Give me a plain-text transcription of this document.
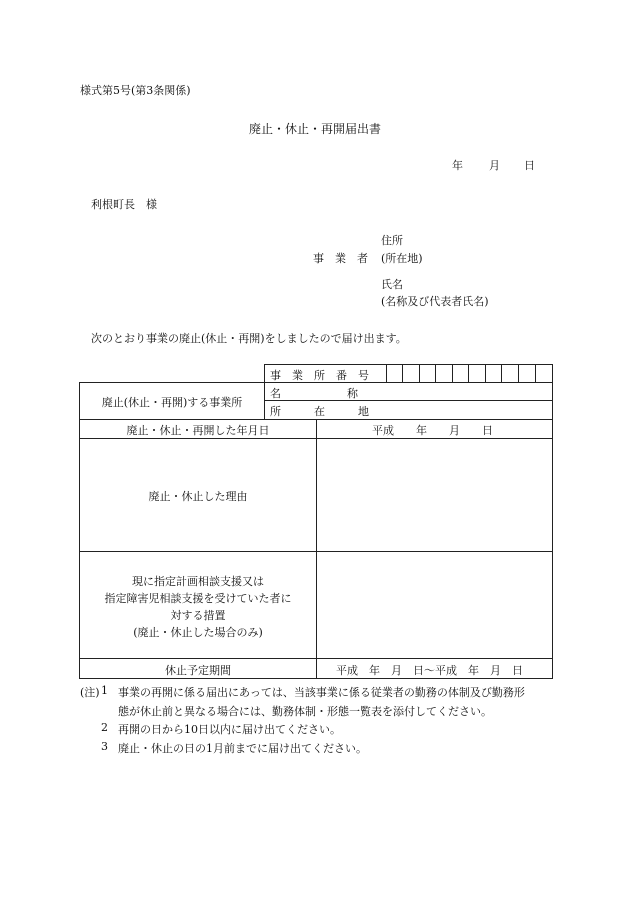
様式第5号(第3条関係)
廃止・休止・再開届出書
年 月 日
利根町長　様
住所
事　業　者 (所在地)
氏名
(名称及び代表者氏名)
次のとおり事業の廃止(休止・再開)をしましたので届け出ます。
事　業　所　番　号
廃止(休止・再開)する事業所
名　　　　　　称
所　　　在　　　地
廃止・休止・再開した年月日	平成　　年　　月　　日
廃止・休止した理由
現に指定計画相談支援又は
指定障害児相談支援を受けていた者に
対する措置
(廃止・休止した場合のみ)
休止予定期間	平成　年　月　日～平成　年　月　日
(注) 1 事業の再開に係る届出にあっては、当該事業に係る従業者の勤務の体制及び勤務形
態が休止前と異なる場合には、勤務体制・形態一覧表を添付してください。
2 再開の日から10日以内に届け出てください。
3 廃止・休止の日の1月前までに届け出てください。
